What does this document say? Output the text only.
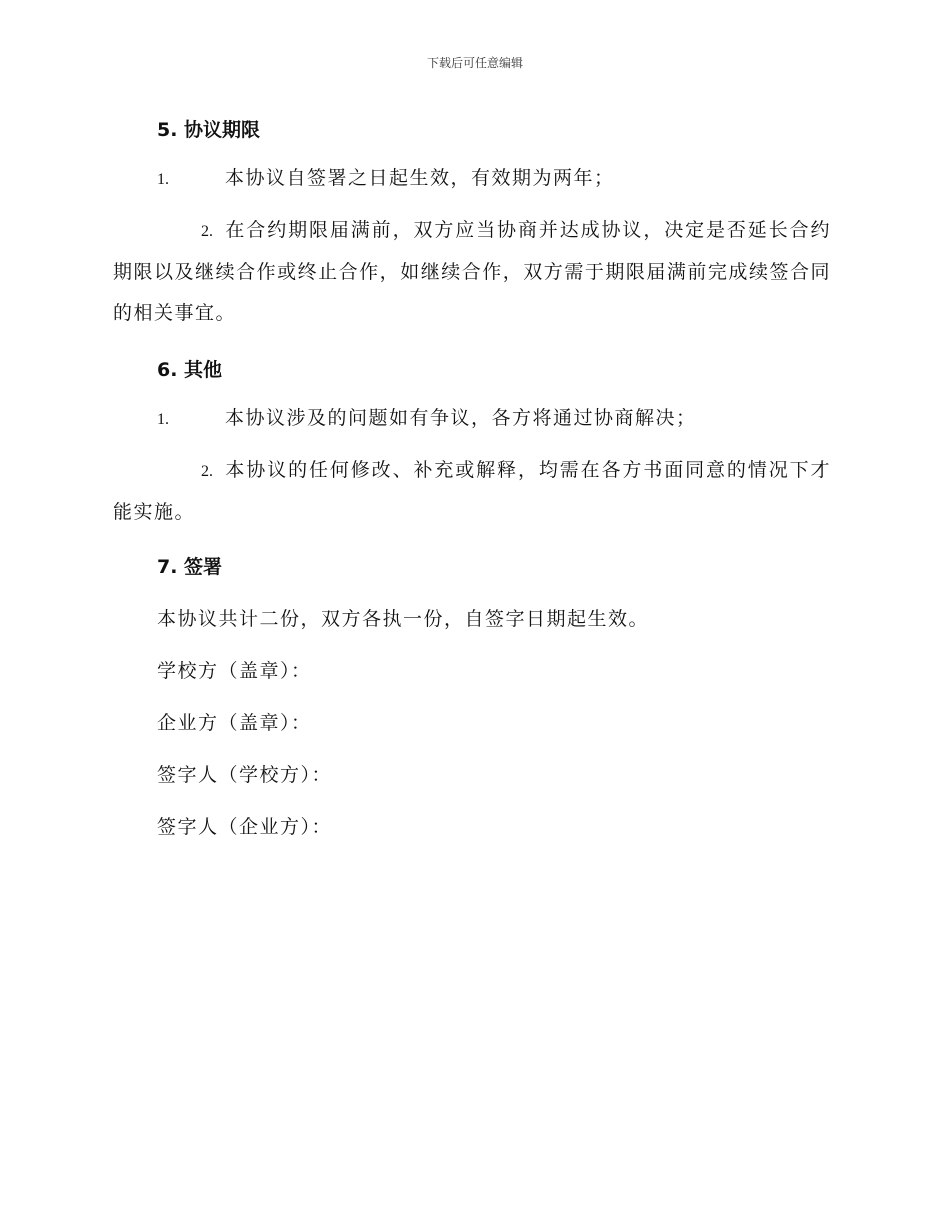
下载后可任意编辑
5. 协议期限
1.	本协议自签署之日起生效，有效期为两年；
2. 在合约期限届满前，双方应当协商并达成协议，决定是否延长合约期限以及继续合作或终止合作，如继续合作，双方需于期限届满前完成续签合同的相关事宜。
6. 其他
1.	本协议涉及的问题如有争议，各方将通过协商解决；
2. 本协议的任何修改、补充或解释，均需在各方书面同意的情况下才能实施。
7. 签署
本协议共计二份，双方各执一份，自签字日期起生效。
学校方（盖章）：
企业方（盖章）：
签字人（学校方）：
签字人（企业方）：
